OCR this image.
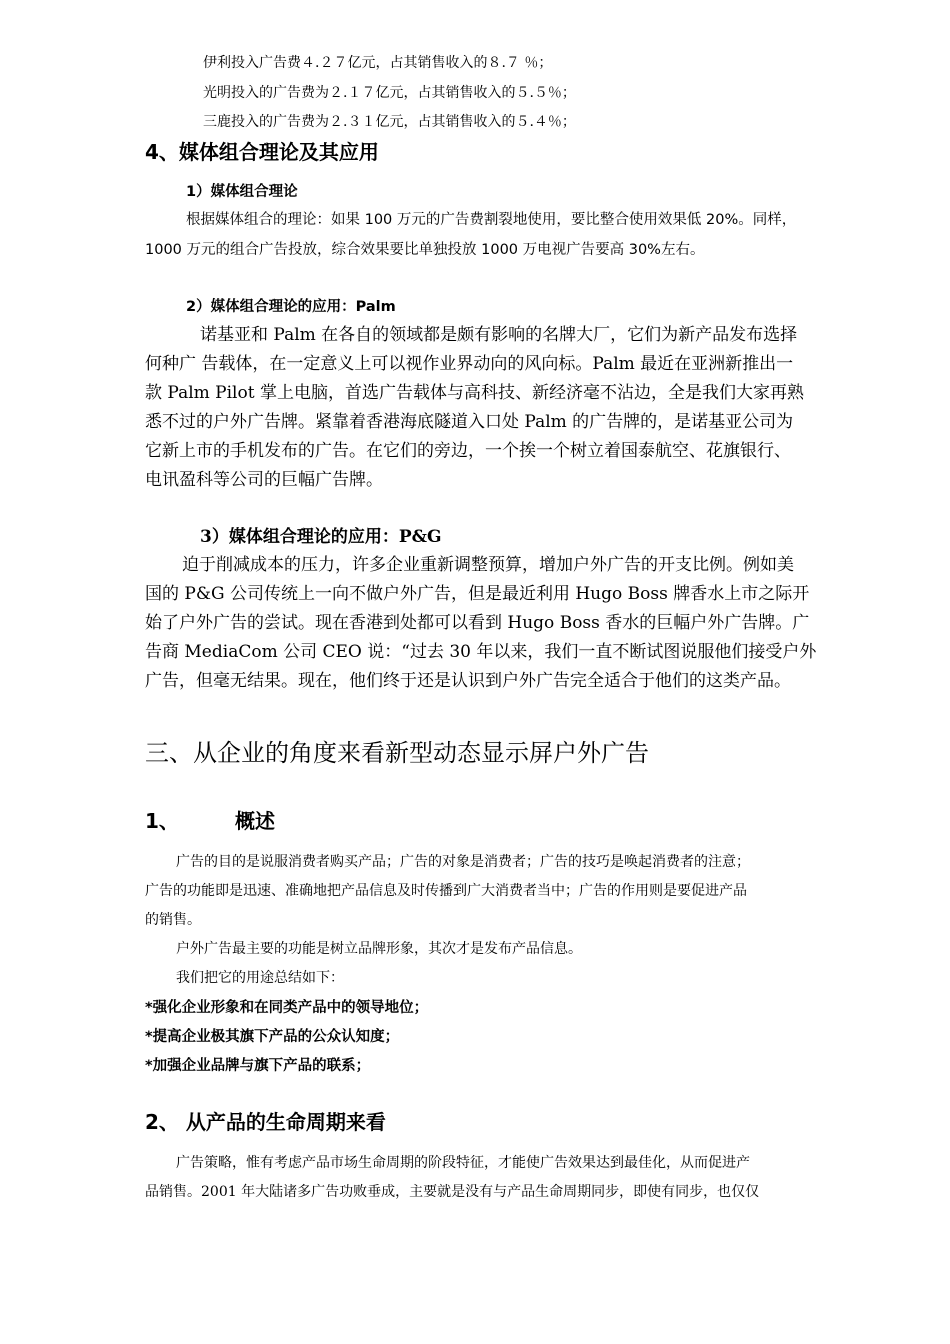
伊利投入广告费４.２７亿元，占其销售收入的８.７ ％；
光明投入的广告费为２.１７亿元，占其销售收入的５.５％；
三鹿投入的广告费为２.３１亿元，占其销售收入的５.４％；
4、媒体组合理论及其应用
1）媒体组合理论
根据媒体组合的理论：如果 100 万元的广告费割裂地使用，要比整合使用效果低 20%。同样，
1000 万元的组合广告投放，综合效果要比单独投放 1000 万电视广告要高 30%左右。
2）媒体组合理论的应用：Palm
诺基亚和 Palm 在各自的领域都是颇有影响的名牌大厂，它们为新产品发布选择
何种广 告载体，在一定意义上可以视作业界动向的风向标。Palm 最近在亚洲新推出一
款 Palm Pilot 掌上电脑，首选广告载体与高科技、新经济毫不沾边，全是我们大家再熟
悉不过的户外广告牌。紧靠着香港海底隧道入口处 Palm 的广告牌的，是诺基亚公司为
它新上市的手机发布的广告。在它们的旁边，一个挨一个树立着国泰航空、花旗银行、
电讯盈科等公司的巨幅广告牌。
3）媒体组合理论的应用：P&G
迫于削减成本的压力，许多企业重新调整预算，增加户外广告的开支比例。例如美
国的 P&G 公司传统上一向不做户外广告，但是最近利用 Hugo Boss 牌香水上市之际开
始了户外广告的尝试。现在香港到处都可以看到 Hugo Boss 香水的巨幅户外广告牌。广
告商 MediaCom 公司 CEO 说：“过去 30 年以来，我们一直不断试图说服他们接受户外
广告，但毫无结果。现在，他们终于还是认识到户外广告完全适合于他们的这类产品。
三、从企业的角度来看新型动态显示屏户外广告
1、	概述
广告的目的是说服消费者购买产品；广告的对象是消费者；广告的技巧是唤起消费者的注意；
广告的功能即是迅速、准确地把产品信息及时传播到广大消费者当中；广告的作用则是要促进产品
的销售。
户外广告最主要的功能是树立品牌形象，其次才是发布产品信息。
我们把它的用途总结如下：
*强化企业形象和在同类产品中的领导地位；
*提高企业极其旗下产品的公众认知度；
*加强企业品牌与旗下产品的联系；
2、 从产品的生命周期来看
广告策略，惟有考虑产品市场生命周期的阶段特征，才能使广告效果达到最佳化，从而促进产
品销售。2001 年大陆诸多广告功败垂成，主要就是没有与产品生命周期同步，即使有同步，也仅仅
